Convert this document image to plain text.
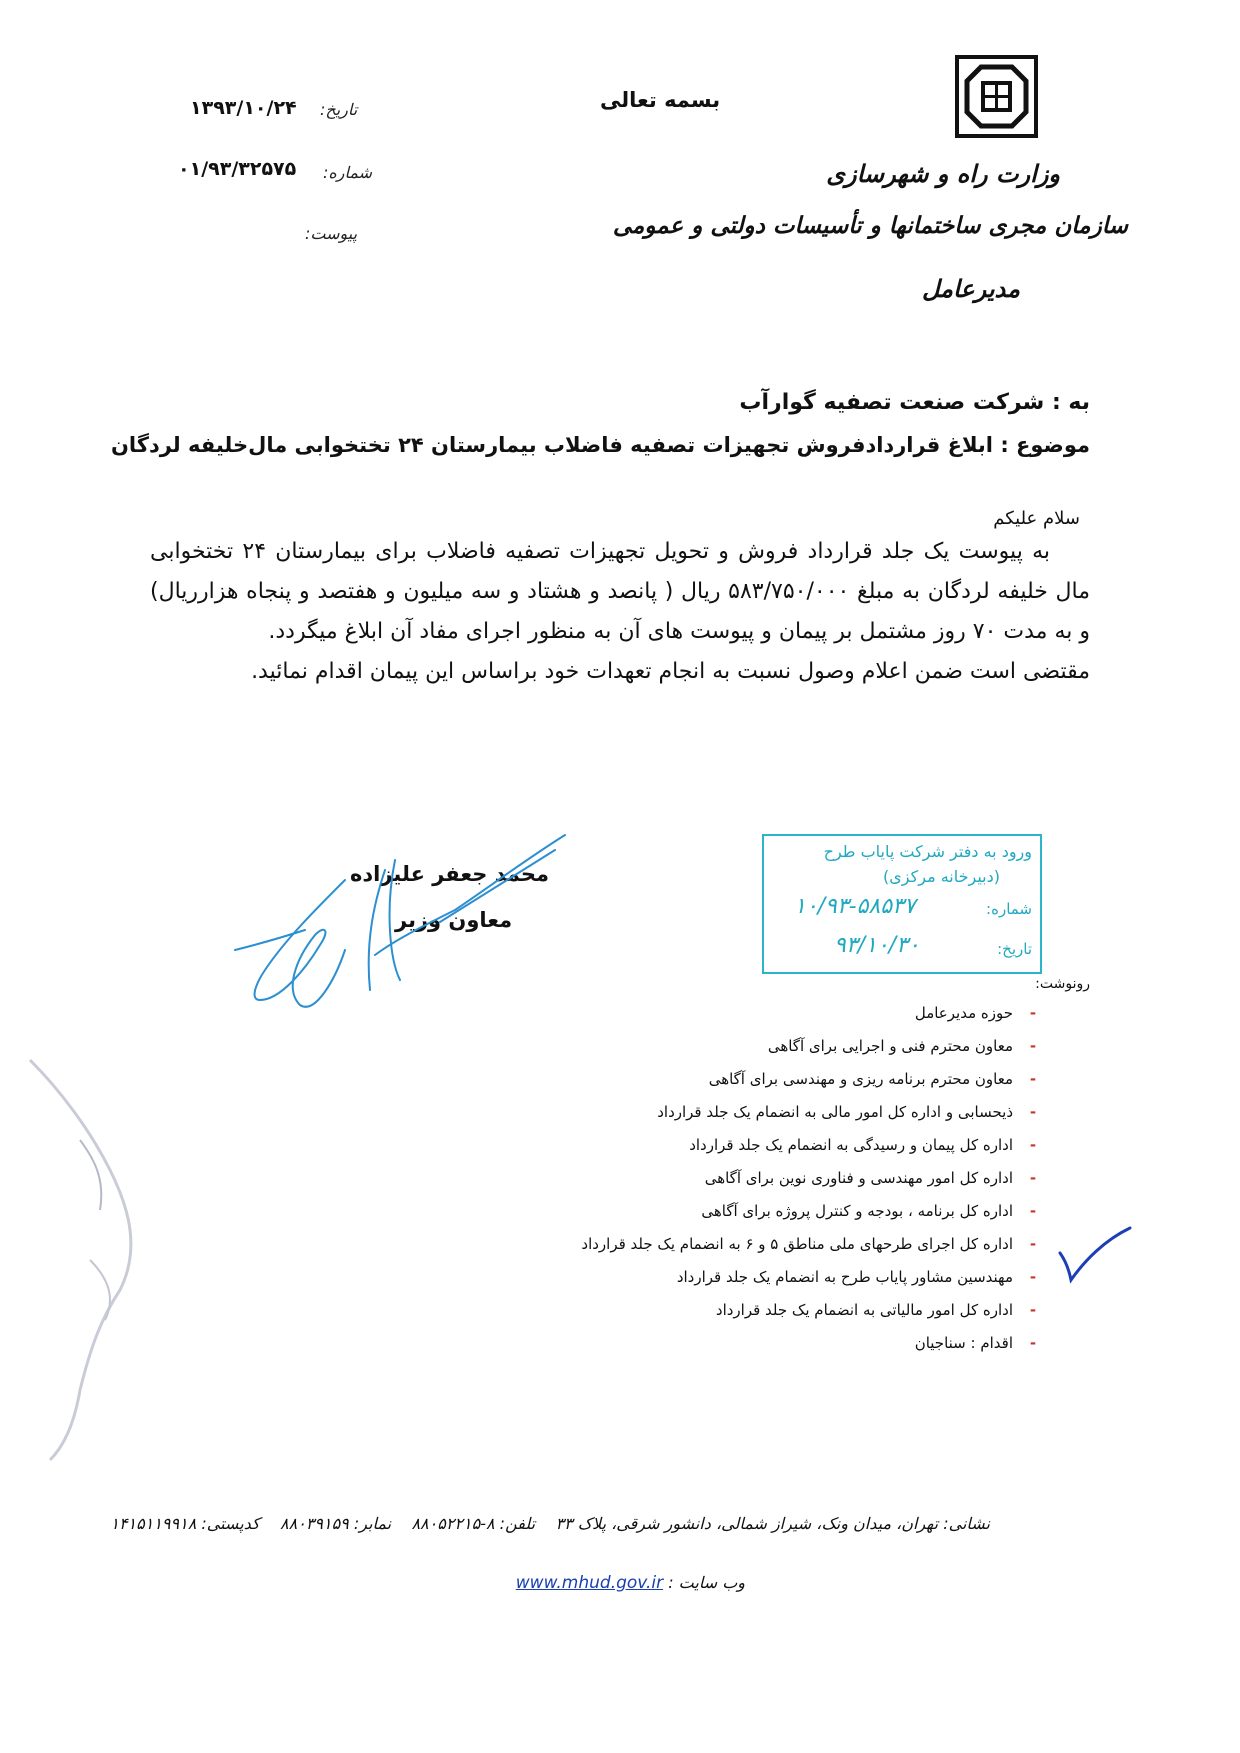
بسمه تعالی
وزارت راه و شهرسازی
سازمان مجری ساختمانها و تأسیسات دولتی و عمومی
مدیرعامل
تاریخ:
۱۳۹۳/۱۰/۲۴
شماره:
۰۱/۹۳/۳۲۵۷۵
پیوست:
به : شرکت صنعت تصفیه گوارآب
موضوع : ابلاغ قراردادفروش تجهیزات تصفیه فاضلاب بیمارستان ۲۴ تختخوابی مال‌خلیفه لردگان
سلام علیکم

به پیوست یک جلد قرارداد فروش و تحویل تجهیزات تصفیه فاضلاب برای بیمارستان ۲۴ تختخوابی مال خلیفه لردگان به مبلغ ۵۸۳/۷۵۰/۰۰۰ ریال ( پانصد و هشتاد و سه میلیون و هفتصد و پنجاه هزارریال) و به مدت ۷۰ روز مشتمل بر پیمان و پیوست های آن به منظور اجرای مفاد آن ابلاغ میگردد.

مقتضی است ضمن اعلام وصول نسبت به انجام تعهدات خود براساس این پیمان اقدام نمائید.

محمد جعفر علیزاده
معاون وزیر
ورود به دفتر شرکت پایاب طرح
(دبیرخانه مرکزی)
شماره:
۱۰/۹۳-۵۸۵۳۷
تاریخ:
۹۳/۱۰/۳۰
رونوشت:
-حوزه مدیرعامل
-معاون محترم فنی و اجرایی برای آگاهی
-معاون محترم برنامه ریزی و مهندسی برای آگاهی
-ذیحسابی و اداره کل امور مالی به انضمام یک جلد قرارداد
-اداره کل پیمان و رسیدگی به انضمام یک جلد قرارداد
-اداره کل امور مهندسی و فناوری نوین برای آگاهی
-اداره کل برنامه ، بودجه و کنترل پروژه برای آگاهی
-اداره کل اجرای طرحهای ملی مناطق ۵ و ۶ به انضمام یک جلد قرارداد
-مهندسین مشاور پایاب طرح به انضمام یک جلد قرارداد
-اداره کل امور مالیاتی به انضمام یک جلد قرارداد
-اقدام : سناجیان
نشانی: تهران، میدان ونک، شیراز شمالی، دانشور شرقی، پلاک ۳۳    تلفن: ۸-۸۸۰۵۲۲۱۵    نمابر: ۸۸۰۳۹۱۵۹    کدپستی: ۱۴۱۵۱۱۹۹۱۸
وب سایت : www.mhud.gov.ir
